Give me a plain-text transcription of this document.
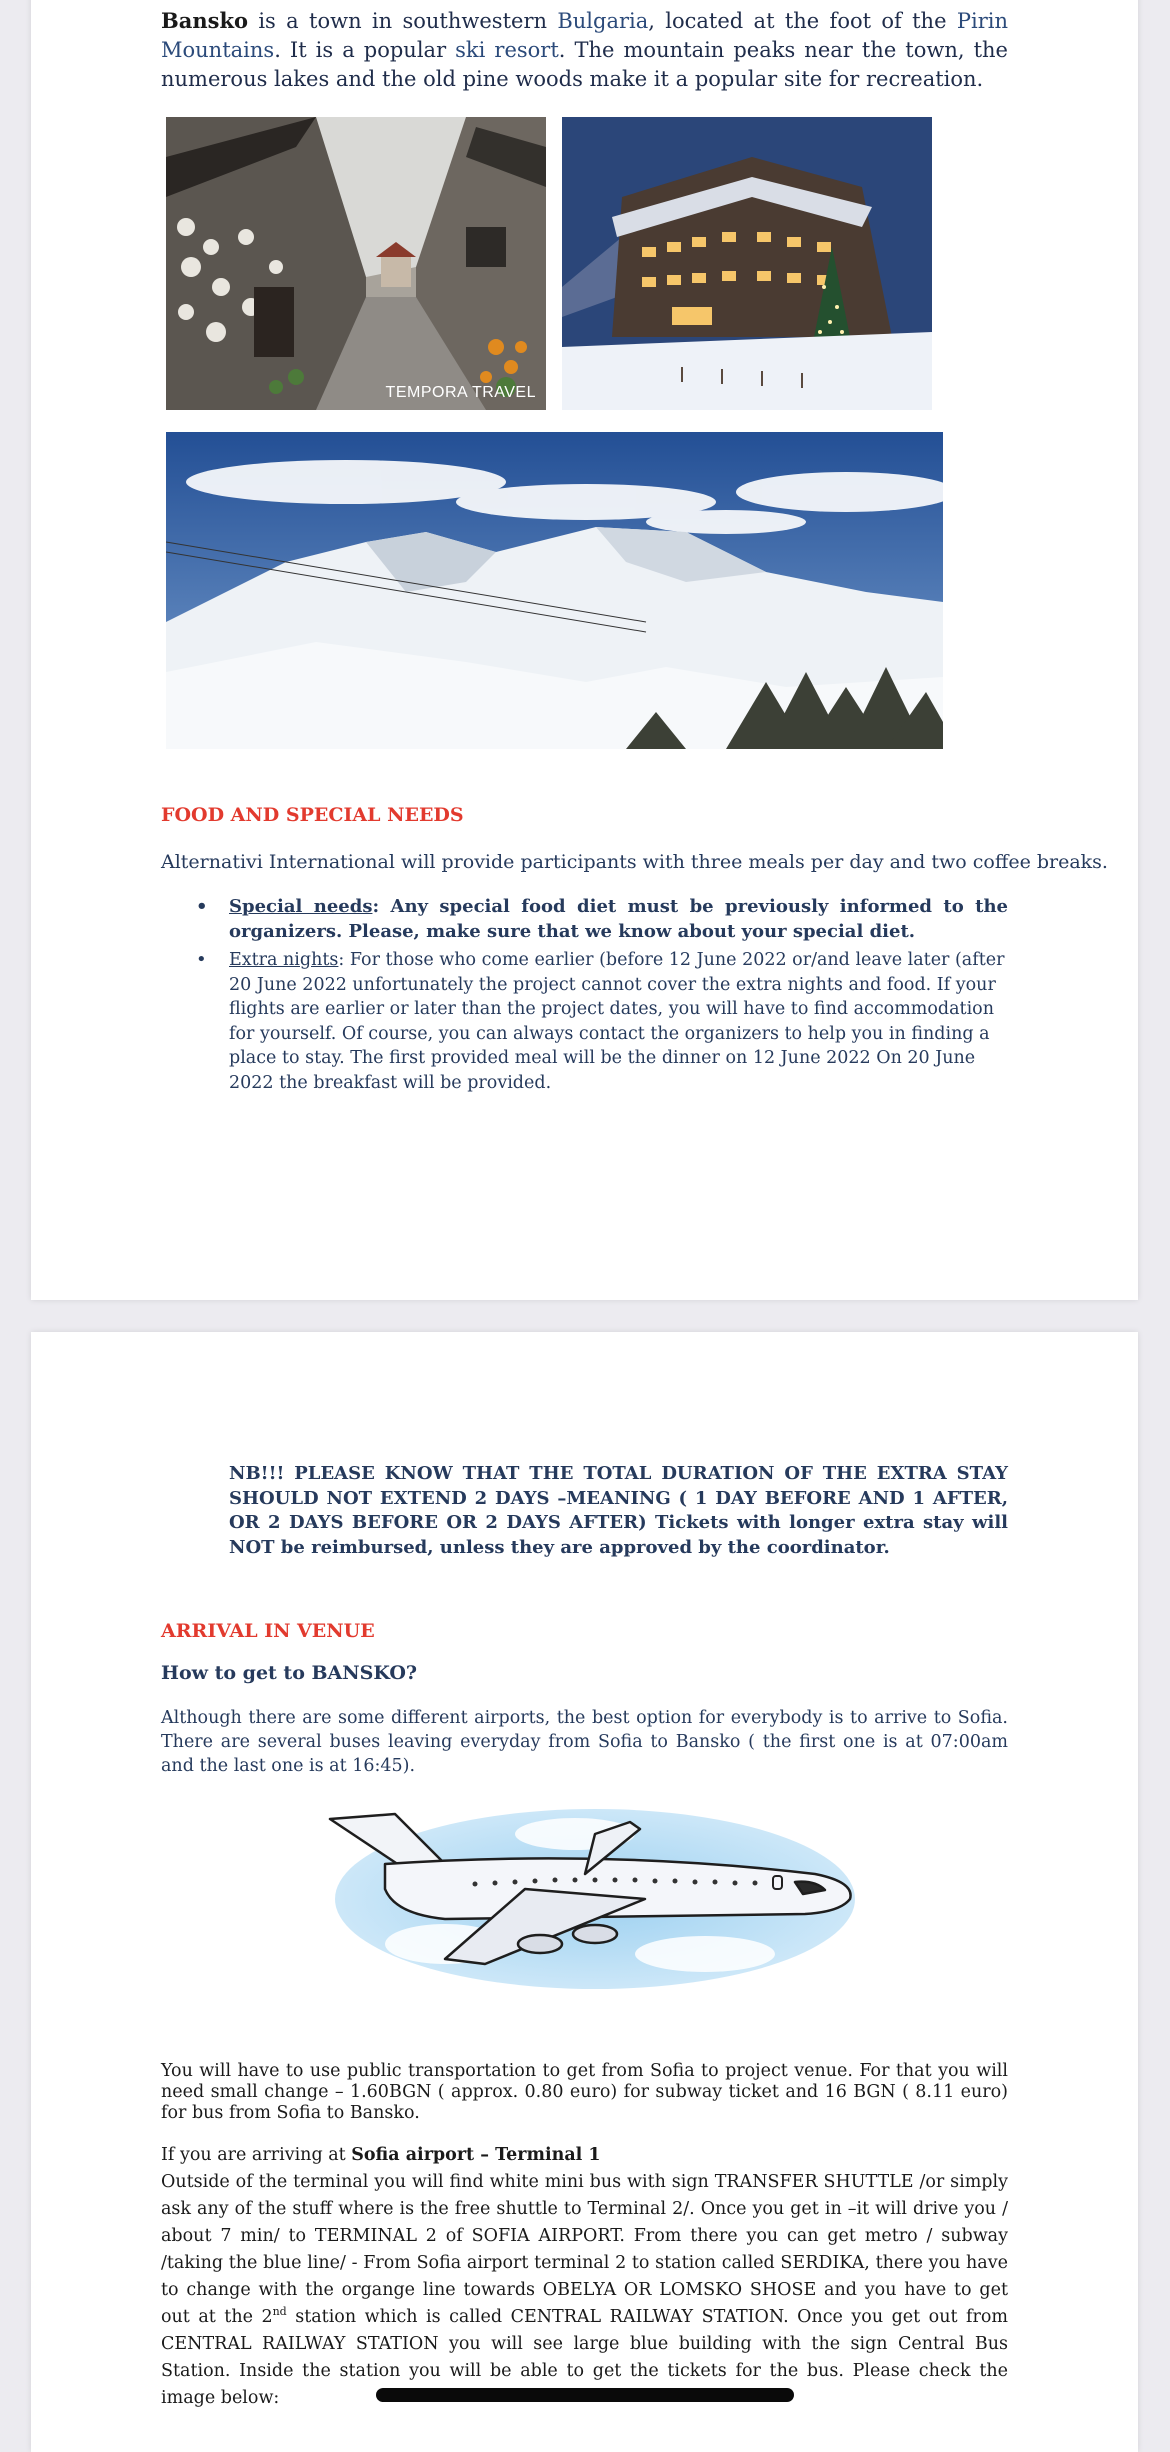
Bansko is a town in southwestern Bulgaria, located at the foot of the Pirin Mountains. It is a popular ski resort. The mountain peaks near the town, the numerous lakes and the old pine woods make it a popular site for recreation.
TEMPORA TRAVEL
FOOD AND SPECIAL NEEDS
Alternativi International will provide participants with three meals per day and two coffee breaks.
• Special needs: Any special food diet must be previously informed to the organizers. Please, make sure that we know about your special diet.
• Extra nights: For those who come earlier (before 12 June 2022 or/and leave later (after 20 June 2022 unfortunately the project cannot cover the extra nights and food. If your flights are earlier or later than the project dates, you will have to find accommodation for yourself. Of course, you can always contact the organizers to help you in finding a place to stay. The first provided meal will be the dinner on 12 June 2022 On 20 June 2022 the breakfast will be provided.
NB!!! PLEASE KNOW THAT THE TOTAL DURATION OF THE EXTRA STAY SHOULD NOT EXTEND 2 DAYS –MEANING ( 1 DAY BEFORE AND 1 AFTER, OR 2 DAYS BEFORE OR 2 DAYS AFTER) Tickets with longer extra stay will NOT be reimbursed, unless they are approved by the coordinator.
ARRIVAL IN VENUE
How to get to BANSKO?
Although there are some different airports, the best option for everybody is to arrive to Sofia. There are several buses leaving everyday from Sofia to Bansko ( the first one is at 07:00am and the last one is at 16:45).
You will have to use public transportation to get from Sofia to project venue. For that you will need small change – 1.60BGN ( approx. 0.80 euro) for subway ticket and 16 BGN ( 8.11 euro) for bus from Sofia to Bansko.
If you are arriving at Sofia airport – Terminal 1
Outside of the terminal you will find white mini bus with sign TRANSFER SHUTTLE /or simply ask any of the stuff where is the free shuttle to Terminal 2/. Once you get in –it will drive you / about 7 min/ to TERMINAL 2 of SOFIA AIRPORT. From there you can get metro / subway /taking the blue line/ - From Sofia airport terminal 2 to station called SERDIKA, there you have to change with the organge line towards OBELYA OR LOMSKO SHOSE and you have to get out at the 2nd station which is called CENTRAL RAILWAY STATION. Once you get out from CENTRAL RAILWAY STATION you will see large blue building with the sign Central Bus Station. Inside the station you will be able to get the tickets for the bus. Please check the image below:
